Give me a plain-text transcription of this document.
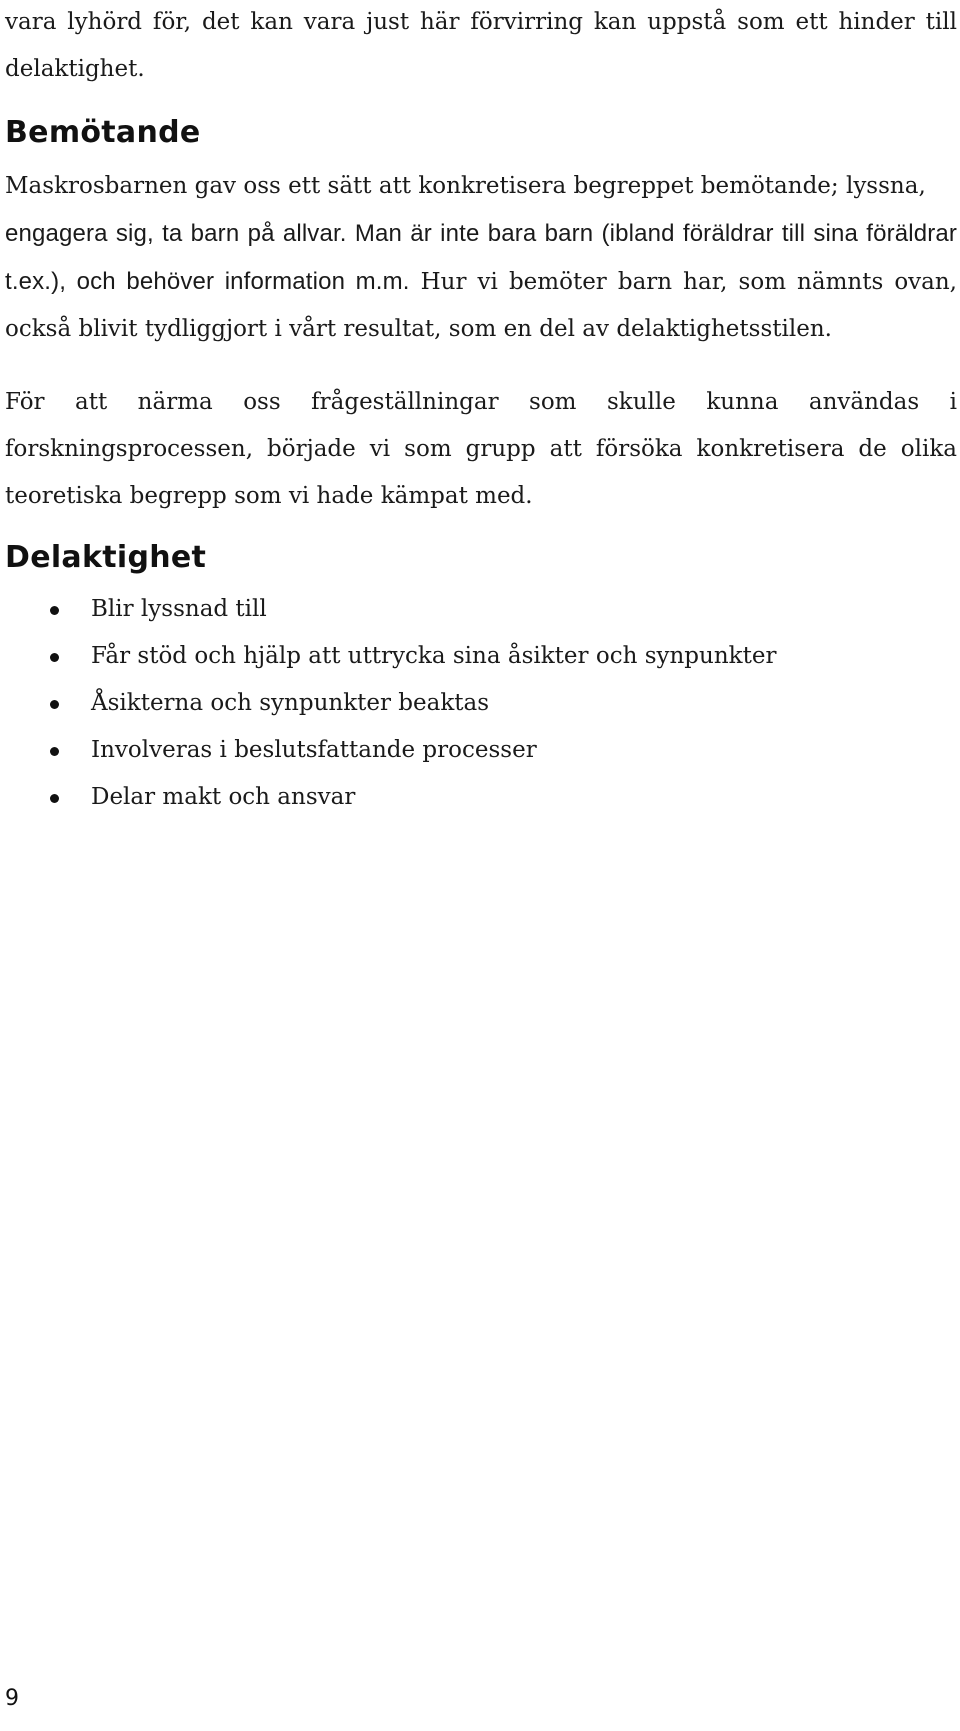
vara lyhörd för, det kan vara just här förvirring kan uppstå som ett hinder till delaktighet.

Bemötande

Maskrosbarnen gav oss ett sätt att konkretisera begreppet bemötande; lyssna,

engagera sig, ta barn på allvar. Man är inte bara barn (ibland föräldrar till sina föräldrar t.ex.), och behöver information m.m. Hur vi bemöter barn har, som nämnts ovan, också blivit tydliggjort i vårt resultat, som en del av delaktighetsstilen.

För att närma oss frågeställningar som skulle kunna användas i forskningsprocessen, började vi som grupp att försöka konkretisera de olika teoretiska begrepp som vi hade kämpat med.

Delaktighet
Blir lyssnad till
Får stöd och hjälp att uttrycka sina åsikter och synpunkter
Åsikterna och synpunkter beaktas
Involveras i beslutsfattande processer
Delar makt och ansvar
9
